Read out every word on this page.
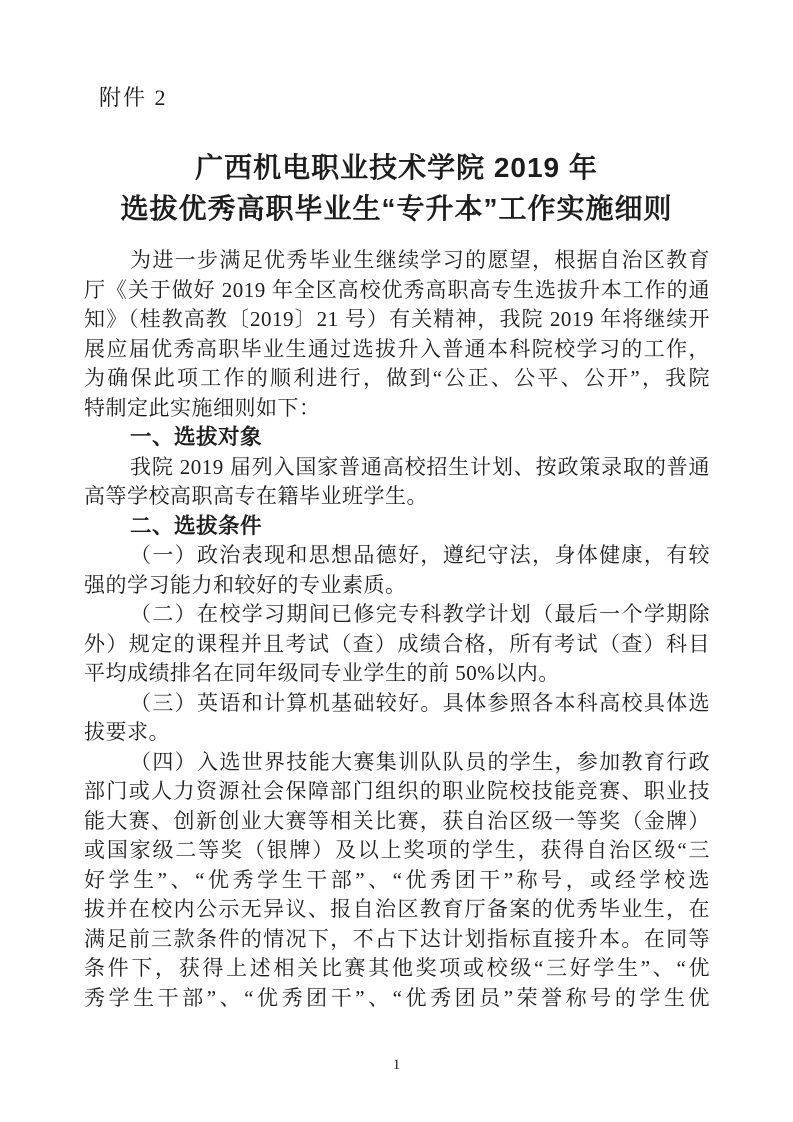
附件 2
广西机电职业技术学院 2019 年
选拔优秀高职毕业生“专升本”工作实施细则
为进一步满足优秀毕业生继续学习的愿望，根据自治区教育
厅《关于做好 2019 年全区高校优秀高职高专生选拔升本工作的通
知》（桂教高教〔2019〕21 号）有关精神，我院 2019 年将继续开
展应届优秀高职毕业生通过选拔升入普通本科院校学习的工作，
为确保此项工作的顺利进行，做到“公正、公平、公开”，我院
特制定此实施细则如下：
一、选拔对象
我院 2019 届列入国家普通高校招生计划、按政策录取的普通
高等学校高职高专在籍毕业班学生。
二、选拔条件
（一）政治表现和思想品德好，遵纪守法，身体健康，有较
强的学习能力和较好的专业素质。
（二）在校学习期间已修完专科教学计划（最后一个学期除
外）规定的课程并且考试（查）成绩合格，所有考试（查）科目
平均成绩排名在同年级同专业学生的前 50%以内。
（三）英语和计算机基础较好。具体参照各本科高校具体选
拔要求。
（四）入选世界技能大赛集训队队员的学生，参加教育行政
部门或人力资源社会保障部门组织的职业院校技能竞赛、职业技
能大赛、创新创业大赛等相关比赛，获自治区级一等奖（金牌）
或国家级二等奖（银牌）及以上奖项的学生，获得自治区级“三
好学生”、“优秀学生干部”、“优秀团干”称号，或经学校选
拔并在校内公示无异议、报自治区教育厅备案的优秀毕业生，在
满足前三款条件的情况下，不占下达计划指标直接升本。在同等
条件下，获得上述相关比赛其他奖项或校级“三好学生”、“优
秀学生干部”、“优秀团干”、“优秀团员”荣誉称号的学生优
1
